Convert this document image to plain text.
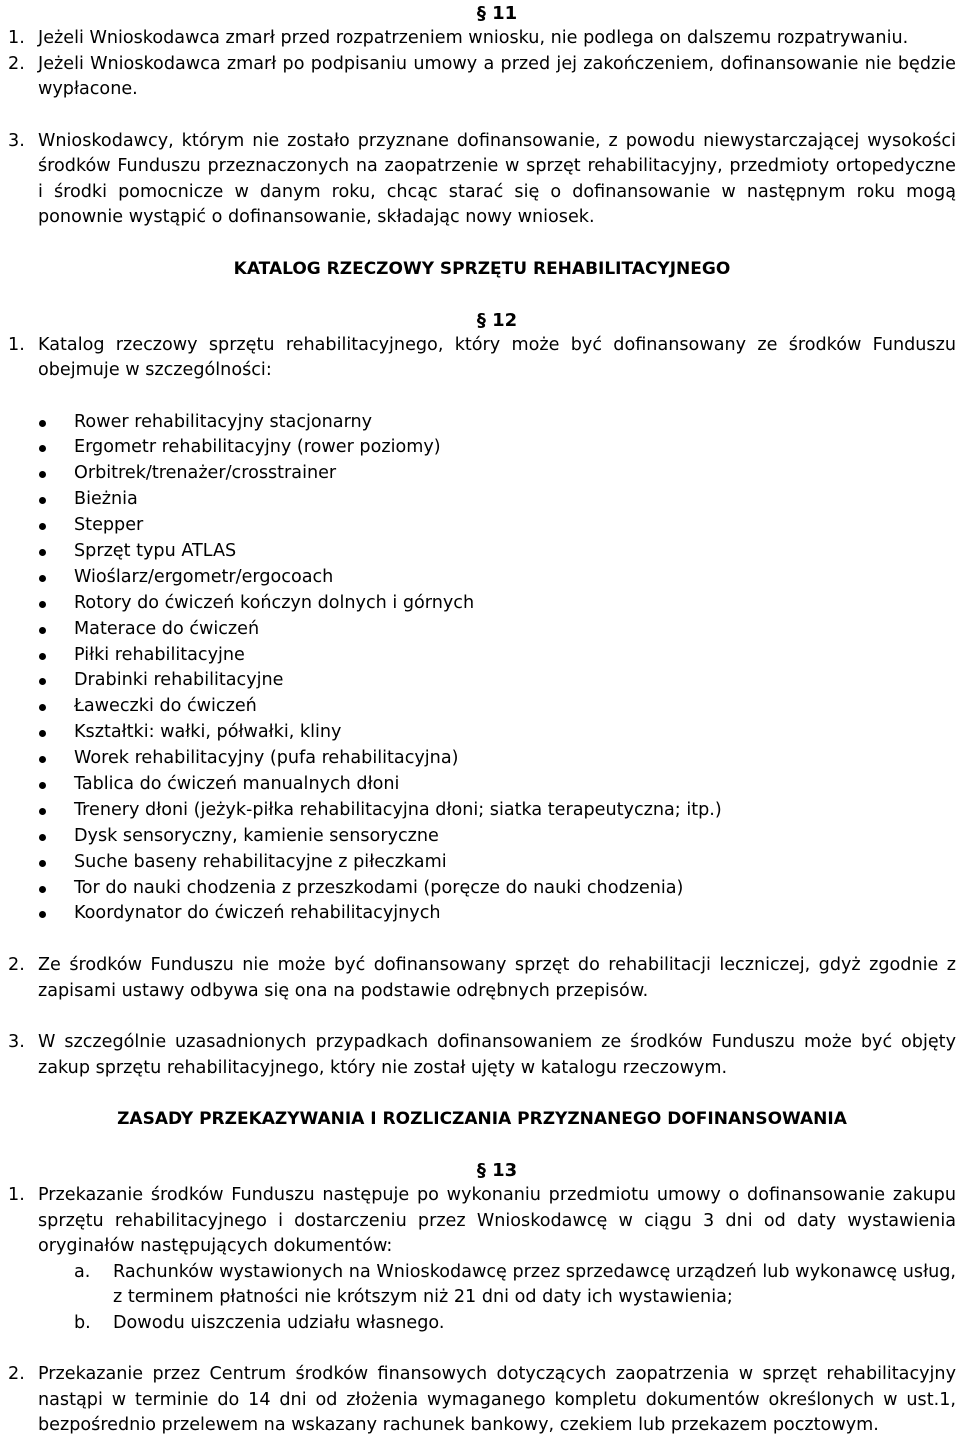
§ 11
1. Jeżeli Wnioskodawca zmarł przed rozpatrzeniem wniosku, nie podlega on dalszemu rozpatrywaniu.
2. Jeżeli Wnioskodawca zmarł po podpisaniu umowy a przed jej zakończeniem, dofinansowanie nie będzie wypłacone.
3. Wnioskodawcy, którym nie zostało przyznane dofinansowanie, z powodu niewystarczającej wysokości środków Funduszu przeznaczonych na zaopatrzenie w sprzęt rehabilitacyjny, przedmioty ortopedyczne i środki pomocnicze w danym roku, chcąc starać się o dofinansowanie w następnym roku mogą ponownie wystąpić o dofinansowanie, składając nowy wniosek.
KATALOG RZECZOWY SPRZĘTU REHABILITACYJNEGO
§ 12
1. Katalog rzeczowy sprzętu rehabilitacyjnego, który może być dofinansowany ze środków Funduszu obejmuje w szczególności:
Rower rehabilitacyjny stacjonarny
Ergometr rehabilitacyjny (rower poziomy)
Orbitrek/trenażer/crosstrainer
Bieżnia
Stepper
Sprzęt typu ATLAS
Wioślarz/ergometr/ergocoach
Rotory do ćwiczeń kończyn dolnych i górnych
Materace do ćwiczeń
Piłki rehabilitacyjne
Drabinki rehabilitacyjne
Ławeczki do ćwiczeń
Kształtki: wałki, półwałki, kliny
Worek rehabilitacyjny (pufa rehabilitacyjna)
Tablica do ćwiczeń manualnych dłoni
Trenery dłoni (jeżyk-piłka rehabilitacyjna dłoni; siatka terapeutyczna; itp.)
Dysk sensoryczny, kamienie sensoryczne
Suche baseny rehabilitacyjne z piłeczkami
Tor do nauki chodzenia z przeszkodami (poręcze do nauki chodzenia)
Koordynator do ćwiczeń rehabilitacyjnych
2. Ze środków Funduszu nie może być dofinansowany sprzęt do rehabilitacji leczniczej, gdyż zgodnie z zapisami ustawy odbywa się ona na podstawie odrębnych przepisów.
3. W szczególnie uzasadnionych przypadkach dofinansowaniem ze środków Funduszu może być objęty zakup sprzętu rehabilitacyjnego, który nie został ujęty w katalogu rzeczowym.
ZASADY PRZEKAZYWANIA I ROZLICZANIA PRZYZNANEGO DOFINANSOWANIA
§ 13
1. Przekazanie środków Funduszu następuje po wykonaniu przedmiotu umowy o dofinansowanie zakupu sprzętu rehabilitacyjnego i dostarczeniu przez Wnioskodawcę w ciągu 3 dni od daty wystawienia oryginałów następujących dokumentów:
a.	Rachunków wystawionych na Wnioskodawcę przez sprzedawcę urządzeń lub wykonawcę usług, z terminem płatności nie krótszym niż 21 dni od daty ich wystawienia;
b.	Dowodu uiszczenia udziału własnego.
2. Przekazanie przez Centrum środków finansowych dotyczących zaopatrzenia w sprzęt rehabilitacyjny nastąpi w terminie do 14 dni od złożenia wymaganego kompletu dokumentów określonych w ust.1, bezpośrednio przelewem na wskazany rachunek bankowy, czekiem lub przekazem pocztowym.
